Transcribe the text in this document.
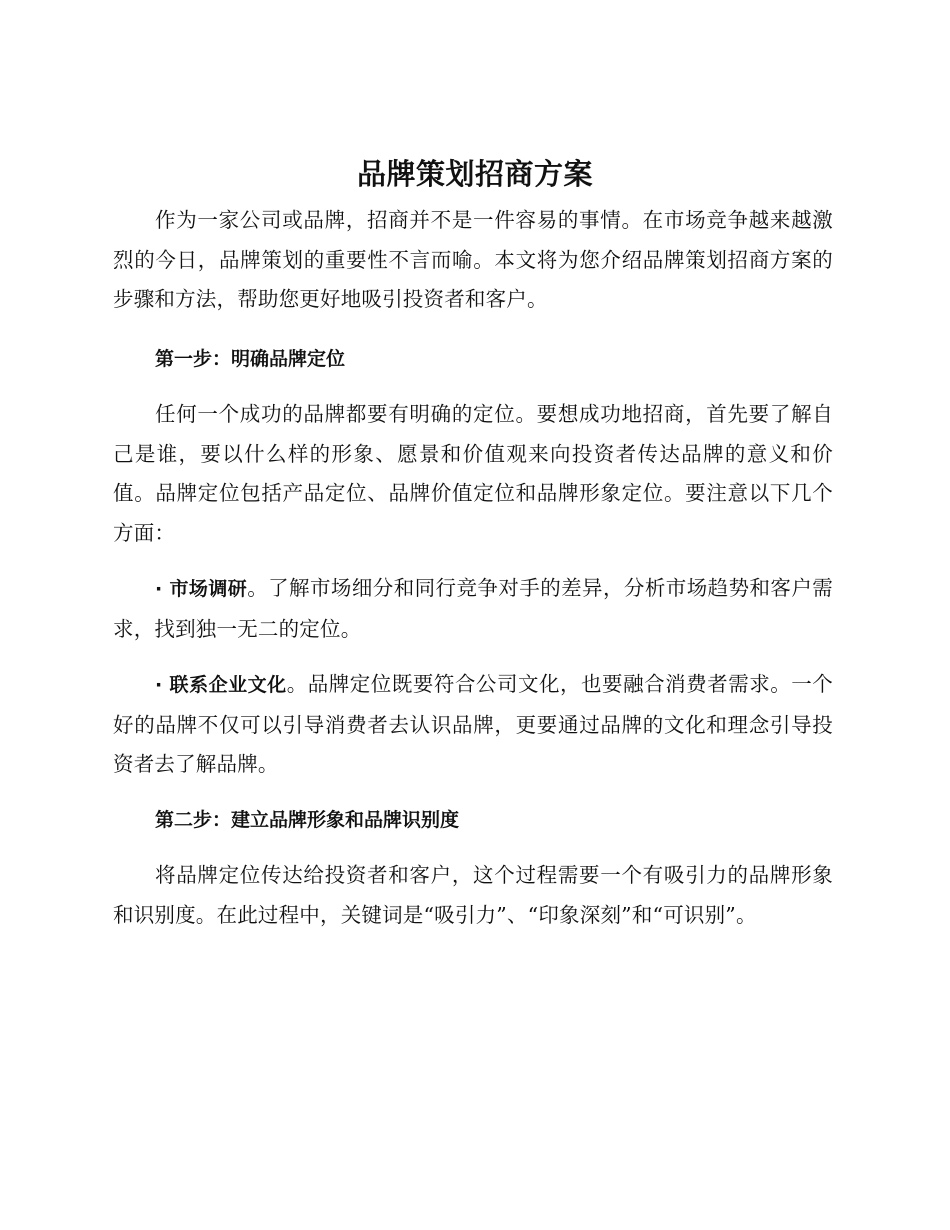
品牌策划招商方案

作为一家公司或品牌，招商并不是一件容易的事情。在市场竞争越来越激烈的今日，品牌策划的重要性不言而喻。本文将为您介绍品牌策划招商方案的步骤和方法，帮助您更好地吸引投资者和客户。

第一步：明确品牌定位

任何一个成功的品牌都要有明确的定位。要想成功地招商，首先要了解自己是谁，要以什么样的形象、愿景和价值观来向投资者传达品牌的意义和价值。品牌定位包括产品定位、品牌价值定位和品牌形象定位。要注意以下几个方面：

· 市场调研。了解市场细分和同行竞争对手的差异，分析市场趋势和客户需求，找到独一无二的定位。

· 联系企业文化。品牌定位既要符合公司文化，也要融合消费者需求。一个好的品牌不仅可以引导消费者去认识品牌，更要通过品牌的文化和理念引导投资者去了解品牌。

第二步：建立品牌形象和品牌识别度

将品牌定位传达给投资者和客户，这个过程需要一个有吸引力的品牌形象和识别度。在此过程中，关键词是“吸引力”、“印象深刻”和“可识别”。
